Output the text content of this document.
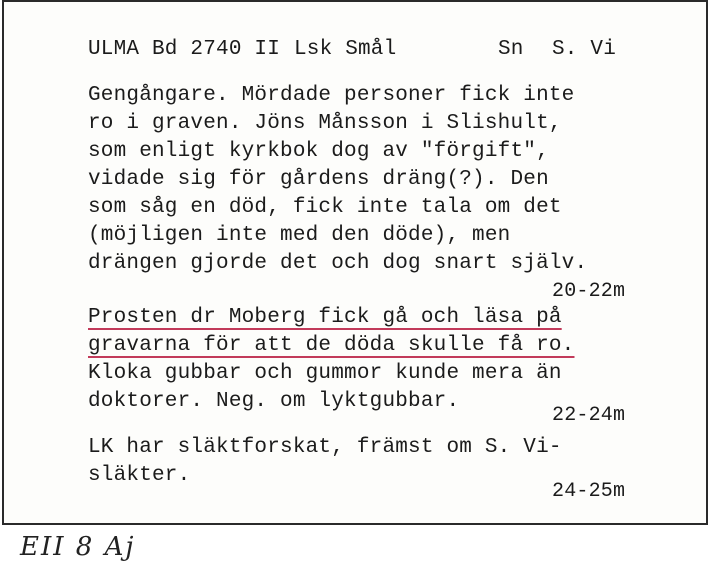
ULMA Bd 2740 II Lsk Smål	Sn S. Vi
Gengångare. Mördade personer fick inte
ro i graven. Jöns Månsson i Slishult,
som enligt kyrkbok dog av "förgift",
vidade sig för gårdens dräng(?). Den
som såg en död, fick inte tala om det
(möjligen inte med den döde), men
drängen gjorde det och dog snart själv.
20-22m
Prosten dr Moberg fick gå och läsa på
gravarna för att de döda skulle få ro.
Kloka gubbar och gummor kunde mera än
doktorer. Neg. om lyktgubbar.
22-24m
LK har släktforskat, främst om S. Vi-
släkter.
24-25m
EII 8 Aj
